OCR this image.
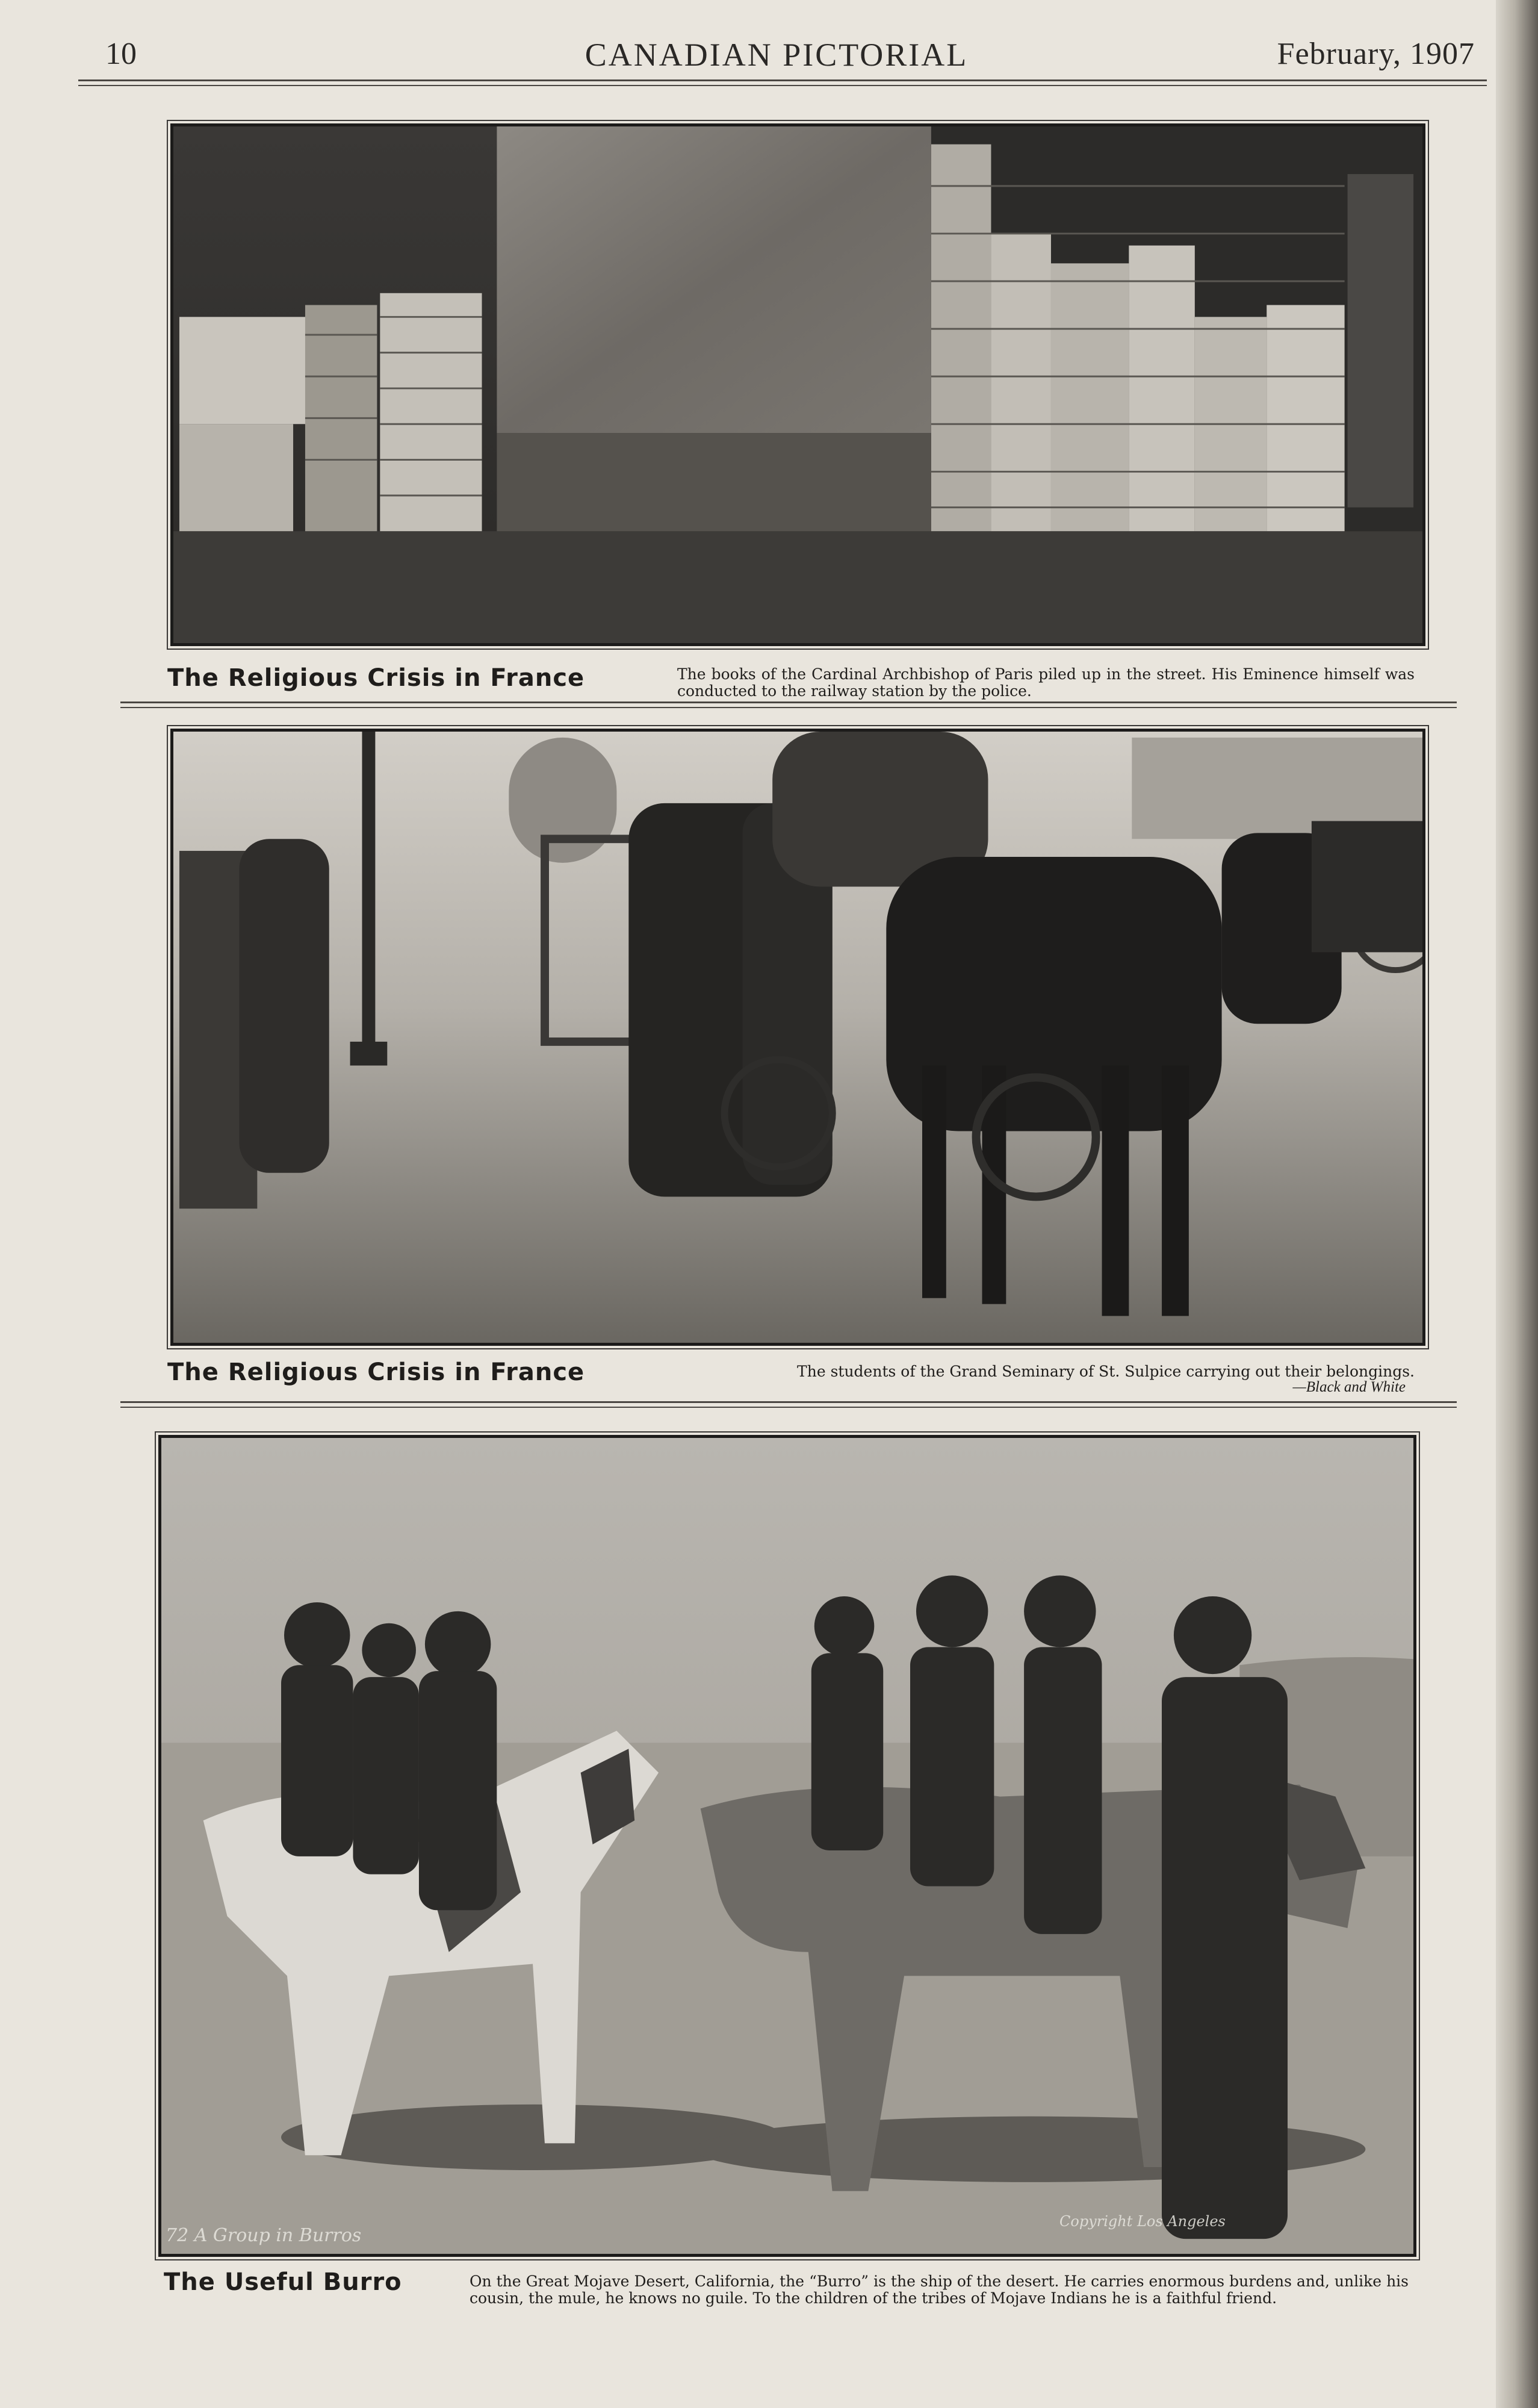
10	CANADIAN PICTORIAL	February, 1907
The Religious Crisis in France	The books of the Cardinal Archbishop of Paris piled up in the street. His Eminence himself was conducted to the railway station by the police.
The Religious Crisis in France	The students of the Grand Seminary of St. Sulpice carrying out their belongings.
—Black and White
72 A Group in Burros
Copyright Los Angeles
The Useful Burro	On the Great Mojave Desert, California, the “Burro” is the ship of the desert. He carries enormous burdens and, unlike his cousin, the mule, he knows no guile. To the children of the tribes of Mojave Indians he is a faithful friend.
